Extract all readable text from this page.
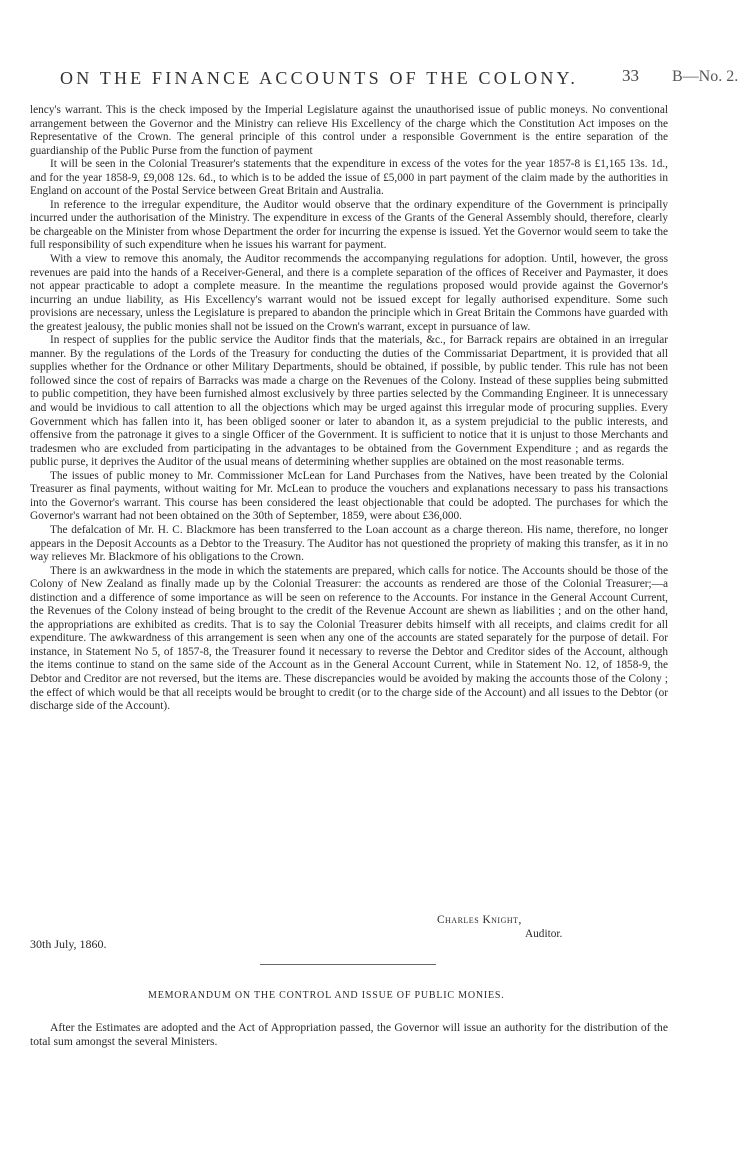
ON THE FINANCE ACCOUNTS OF THE COLONY.	33 B—No. 2.

lency's warrant. This is the check imposed by the Imperial Legislature against the unauthorised issue of public moneys. No conventional arrangement between the Governor and the Ministry can relieve His Excellency of the charge which the Constitution Act imposes on the Representative of the Crown. The general principle of this control under a responsible Government is the entire separation of the guardianship of the Public Purse from the function of payment

It will be seen in the Colonial Treasurer's statements that the expenditure in excess of the votes for the year 1857-8 is £1,165 13s. 1d., and for the year 1858-9, £9,008 12s. 6d., to which is to be added the issue of £5,000 in part payment of the claim made by the authorities in England on account of the Postal Service between Great Britain and Australia.

In reference to the irregular expenditure, the Auditor would observe that the ordinary expenditure of the Government is principally incurred under the authorisation of the Ministry. The expenditure in excess of the Grants of the General Assembly should, therefore, clearly be chargeable on the Minister from whose Department the order for incurring the expense is issued. Yet the Governor would seem to take the full responsibility of such expenditure when he issues his warrant for payment.

With a view to remove this anomaly, the Auditor recommends the accompanying regulations for adoption. Until, however, the gross revenues are paid into the hands of a Receiver-General, and there is a complete separation of the offices of Receiver and Paymaster, it does not appear practicable to adopt a complete measure. In the meantime the regulations proposed would provide against the Governor's incurring an undue liability, as His Excellency's warrant would not be issued except for legally authorised expenditure. Some such provisions are necessary, unless the Legislature is prepared to abandon the principle which in Great Britain the Commons have guarded with the greatest jealousy, the public monies shall not be issued on the Crown's warrant, except in pursuance of law.

In respect of supplies for the public service the Auditor finds that the materials, &c., for Barrack repairs are obtained in an irregular manner. By the regulations of the Lords of the Treasury for conducting the duties of the Commissariat Department, it is provided that all supplies whether for the Ordnance or other Military Departments, should be obtained, if possible, by public tender. This rule has not been followed since the cost of repairs of Barracks was made a charge on the Revenues of the Colony. Instead of these supplies being submitted to public competition, they have been furnished almost exclusively by three parties selected by the Commanding Engineer. It is unnecessary and would be invidious to call attention to all the objections which may be urged against this irregular mode of procuring supplies. Every Government which has fallen into it, has been obliged sooner or later to abandon it, as a system prejudicial to the public interests, and offensive from the patronage it gives to a single Officer of the Government. It is sufficient to notice that it is unjust to those Merchants and tradesmen who are excluded from participating in the advantages to be obtained from the Government Expenditure ; and as regards the public purse, it deprives the Auditor of the usual means of determining whether supplies are obtained on the most reasonable terms.

The issues of public money to Mr. Commissioner McLean for Land Purchases from the Natives, have been treated by the Colonial Treasurer as final payments, without waiting for Mr. McLean to produce the vouchers and explanations necessary to pass his transactions into the Governor's warrant. This course has been considered the least objectionable that could be adopted. The purchases for which the Governor's warrant had not been obtained on the 30th of September, 1859, were about £36,000.

The defalcation of Mr. H. C. Blackmore has been transferred to the Loan account as a charge thereon. His name, therefore, no longer appears in the Deposit Accounts as a Debtor to the Treasury. The Auditor has not questioned the propriety of making this transfer, as it in no way relieves Mr. Blackmore of his obligations to the Crown.

There is an awkwardness in the mode in which the statements are prepared, which calls for notice. The Accounts should be those of the Colony of New Zealand as finally made up by the Colonial Treasurer: the accounts as rendered are those of the Colonial Treasurer;—a distinction and a difference of some importance as will be seen on reference to the Accounts. For instance in the General Account Current, the Revenues of the Colony instead of being brought to the credit of the Revenue Account are shewn as liabilities ; and on the other hand, the appropriations are exhibited as credits. That is to say the Colonial Treasurer debits himself with all receipts, and claims credit for all expenditure. The awkwardness of this arrangement is seen when any one of the accounts are stated separately for the purpose of detail. For instance, in Statement No 5, of 1857-8, the Treasurer found it necessary to reverse the Debtor and Creditor sides of the Account, although the items continue to stand on the same side of the Account as in the General Account Current, while in Statement No. 12, of 1858-9, the Debtor and Creditor are not reversed, but the items are. These discrepancies would be avoided by making the accounts those of the Colony ; the effect of which would be that all receipts would be brought to credit (or to the charge side of the Account) and all issues to the Debtor (or discharge side of the Account).

Charles Knight,
Auditor.
30th July, 1860.
MEMORANDUM ON THE CONTROL AND ISSUE OF PUBLIC MONIES.

After the Estimates are adopted and the Act of Appropriation passed, the Governor will issue an authority for the distribution of the total sum amongst the several Ministers.
